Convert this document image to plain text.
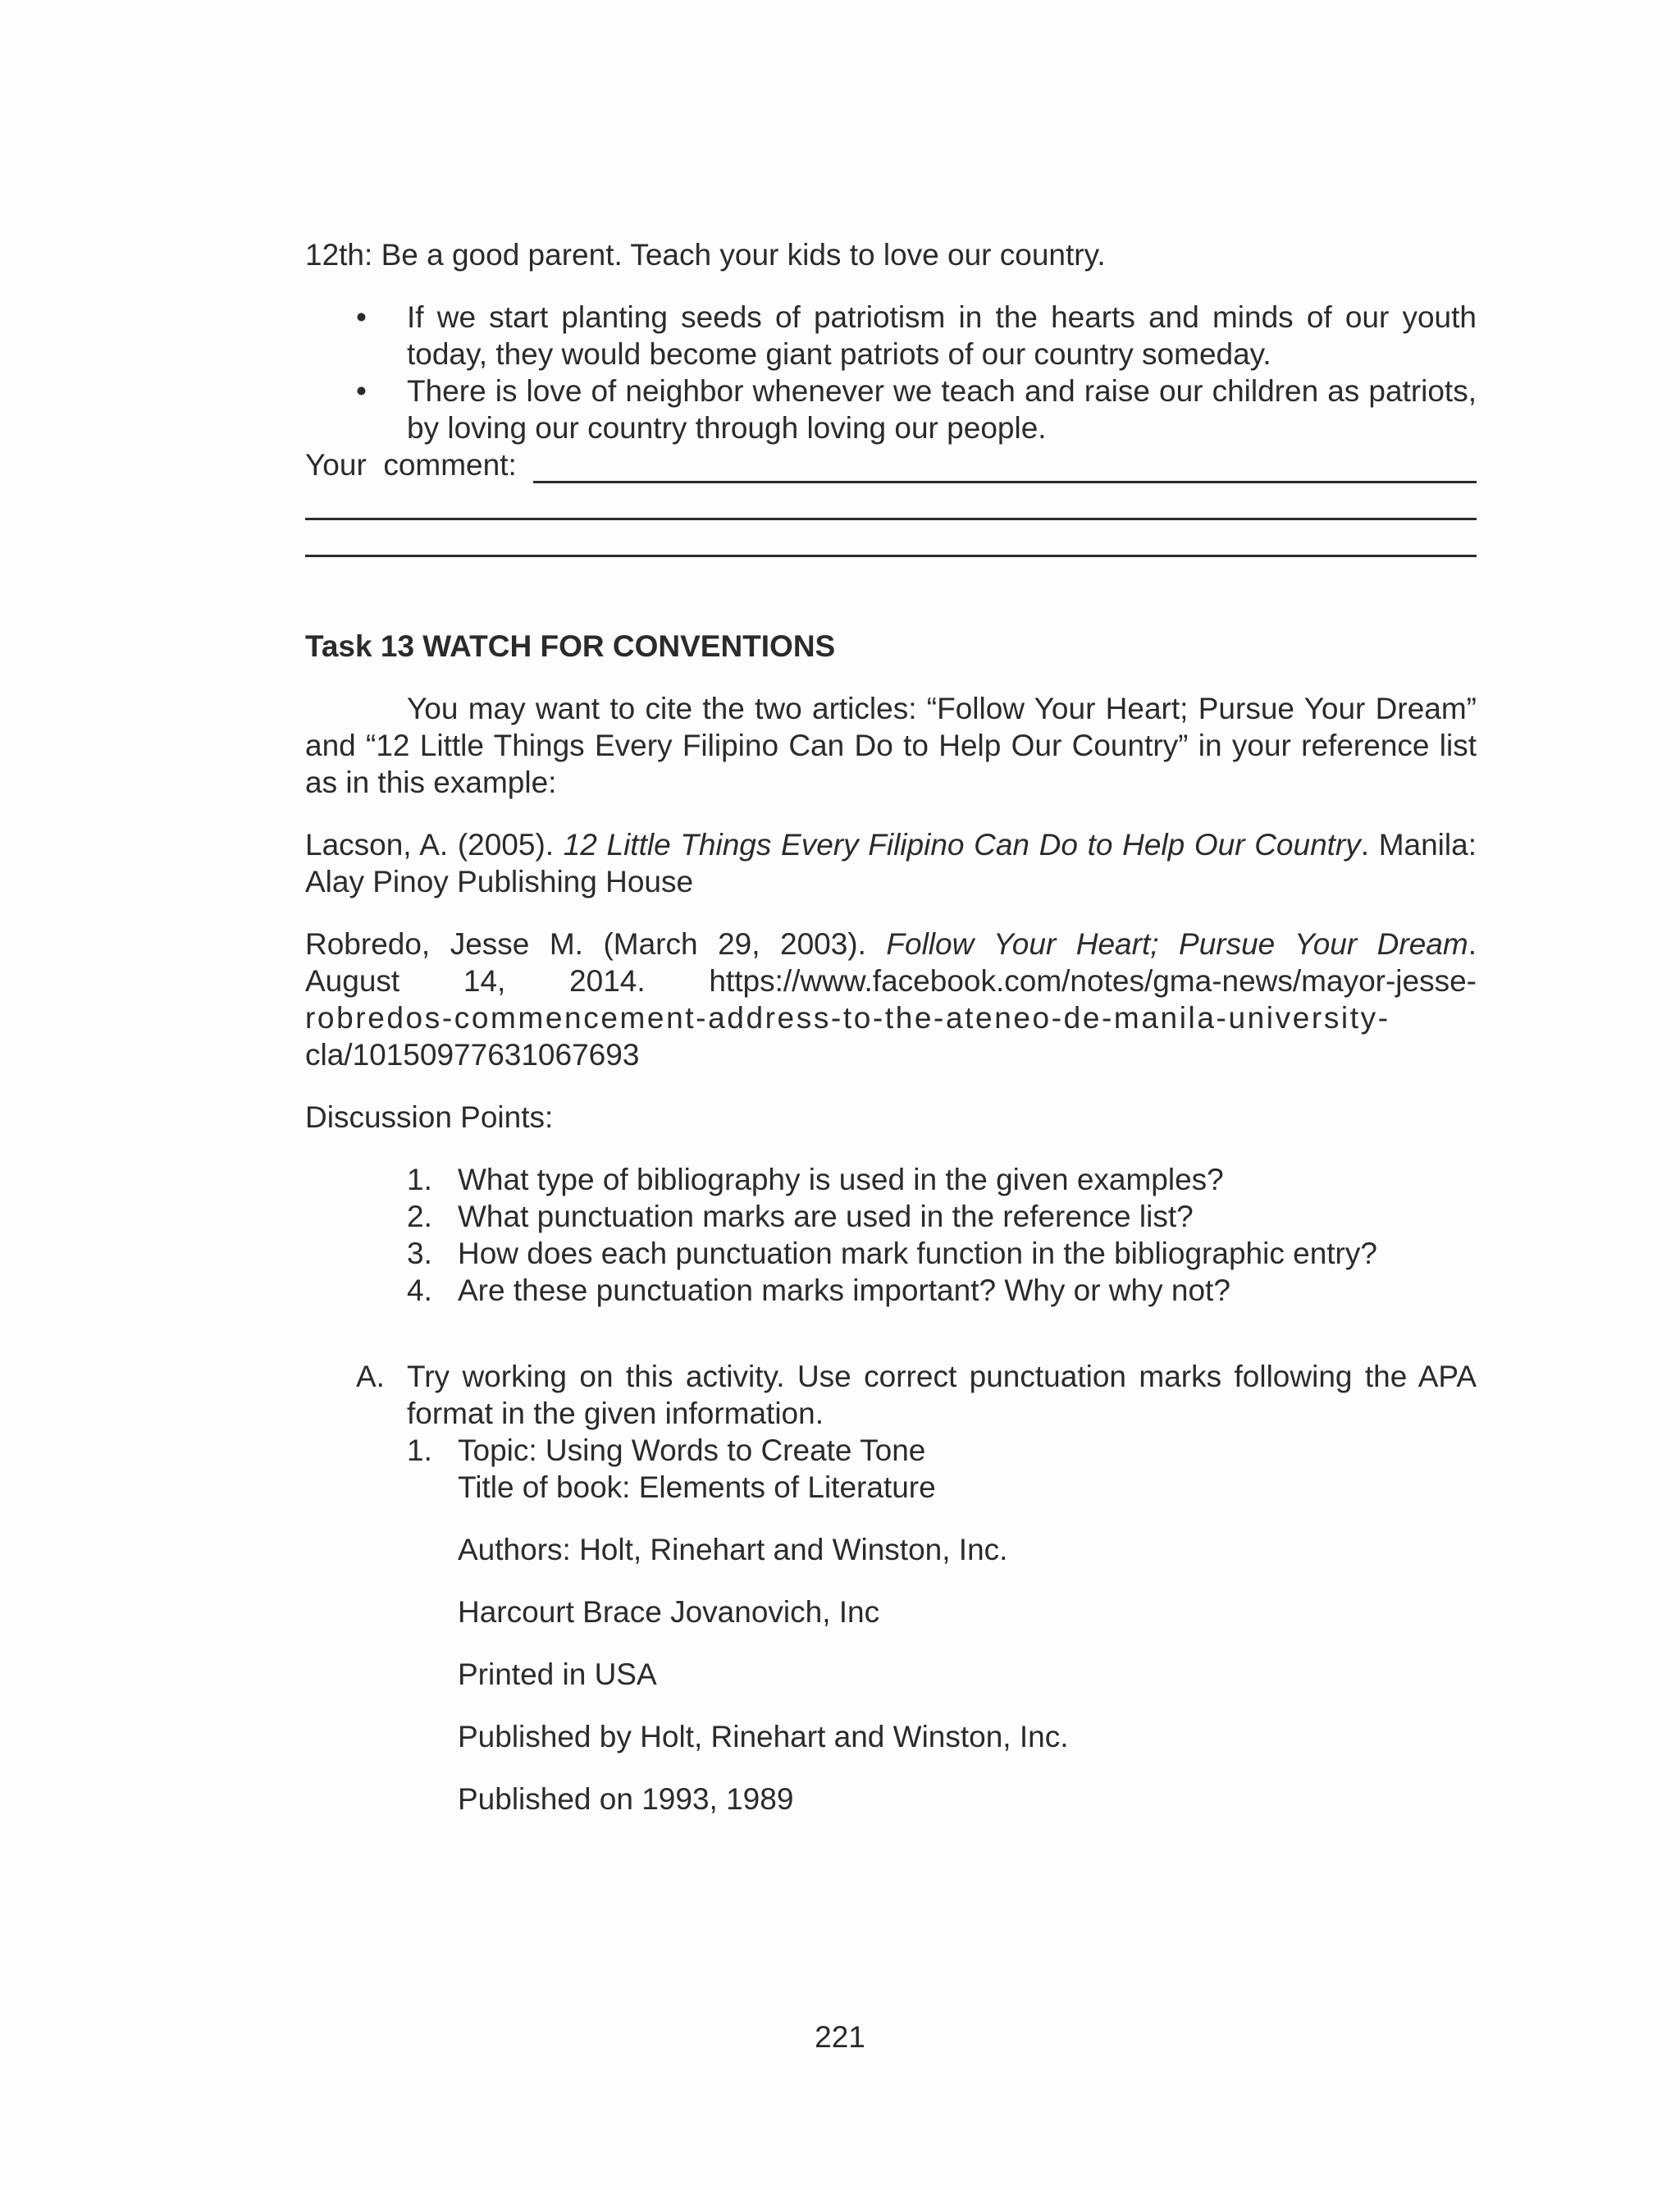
12th: Be a good parent. Teach your kids to love our country.

• If we start planting seeds of patriotism in the hearts and minds of our youth today, they would become giant patriots of our country someday.
• There is love of neighbor whenever we teach and raise our children as patriots, by loving our country through loving our people.
Your  comment:

Task 13 WATCH FOR CONVENTIONS

You may want to cite the two articles: “Follow Your Heart; Pursue Your Dream” and “12 Little Things Every Filipino Can Do to Help Our Country” in your reference list as in this example:

Lacson, A. (2005). 12 Little Things Every Filipino Can Do to Help Our Country. Manila: Alay Pinoy Publishing House

Robredo, Jesse M. (March 29, 2003). Follow Your Heart; Pursue Your Dream.

August 14, 2014. https://www.facebook.com/notes/gma-news/mayor-jesse-

robredos-commencement-address-to-the-ateneo-de-manila-university-

cla/10150977631067693

Discussion Points:

1. What type of bibliography is used in the given examples?
2. What punctuation marks are used in the reference list?
3. How does each punctuation mark function in the bibliographic entry?
4. Are these punctuation marks important? Why or why not?
A. Try working on this activity. Use correct punctuation marks following the APA format in the given information.

1. Topic: Using Words to Create Tone

Title of book: Elements of Literature

Authors: Holt, Rinehart and Winston, Inc.

Harcourt Brace Jovanovich, Inc

Printed in USA

Published by Holt, Rinehart and Winston, Inc.

Published on 1993, 1989

221
